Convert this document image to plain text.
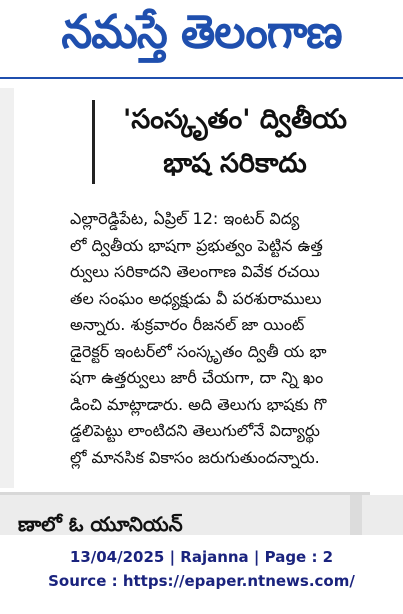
నమస్తే తెలంగాణ
'సంస్కృతం' ద్వితీయ
భాష సరికాదు
ఎల్లారెడ్డిపేట, ఏప్రిల్ 12: ఇంటర్ విద్య
లో ద్వితీయ భాషగా ప్రభుత్వం పెట్టిన ఉత్త
ర్వులు సరికాదని తెలంగాణ వివేక రచయి
తల సంఘం అధ్యక్షుడు వీ పరశురాములు
అన్నారు. శుక్రవారం రీజనల్ జా యింట్
డైరెక్టర్ ఇంటర్‌లో సంస్కృతం ద్వితీ య భా
షగా ఉత్తర్వులు జారీ చేయగా, దా న్ని ఖం
డించి మాట్లాడారు. అది తెలుగు భాషకు గొ
డ్డలిపెట్టు లాంటిదని తెలుగులోనే విద్యార్థు
ల్లో మానసిక వికాసం జరుగుతుందన్నారు.
ణాలో ఓ యూనియన్
13/04/2025 | Rajanna | Page : 2
Source : https://epaper.ntnews.com/
